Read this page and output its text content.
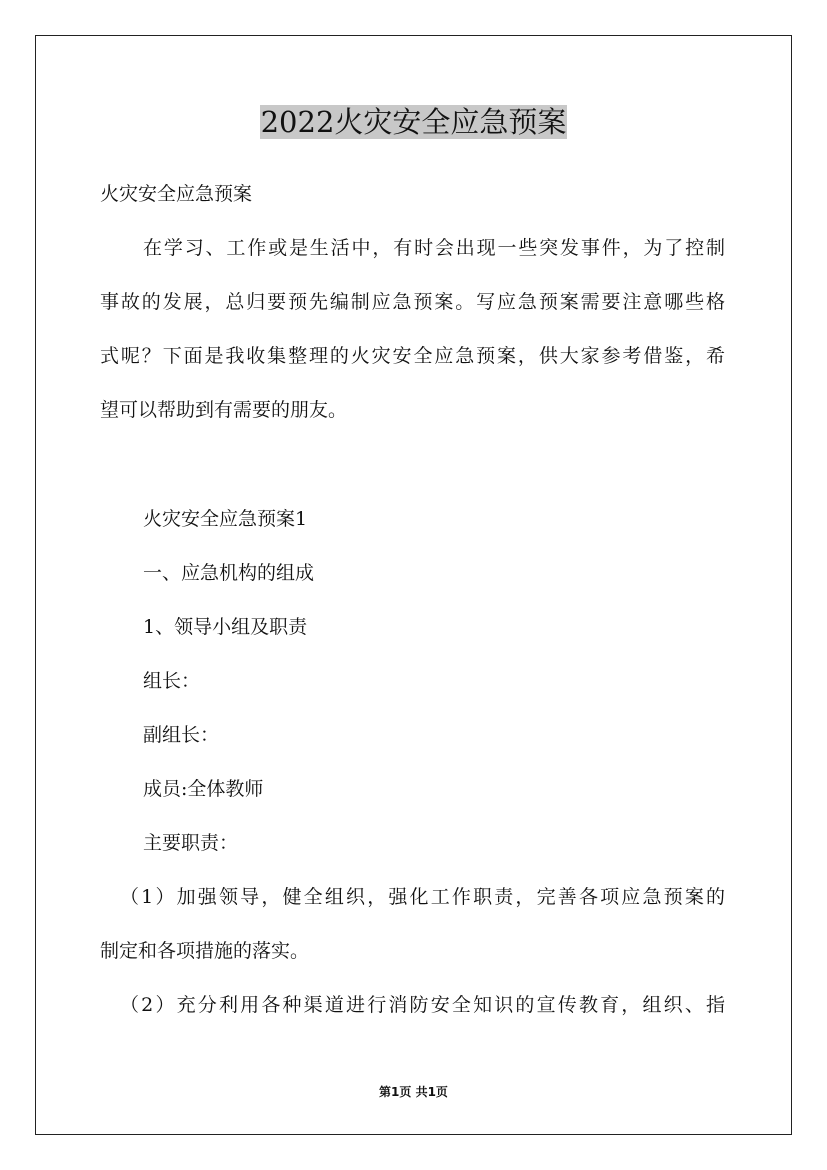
2022火灾安全应急预案

火灾安全应急预案

在学习、工作或是生活中，有时会出现一些突发事件，为了控制

事故的发展，总归要预先编制应急预案。写应急预案需要注意哪些格

式呢？下面是我收集整理的火灾安全应急预案，供大家参考借鉴，希

望可以帮助到有需要的朋友。

火灾安全应急预案1

一、应急机构的组成

1、领导小组及职责

组长：

副组长：

成员:全体教师

主要职责：

（1）加强领导，健全组织，强化工作职责，完善各项应急预案的

制定和各项措施的落实。

（2）充分利用各种渠道进行消防安全知识的宣传教育，组织、指

第1页 共1页
